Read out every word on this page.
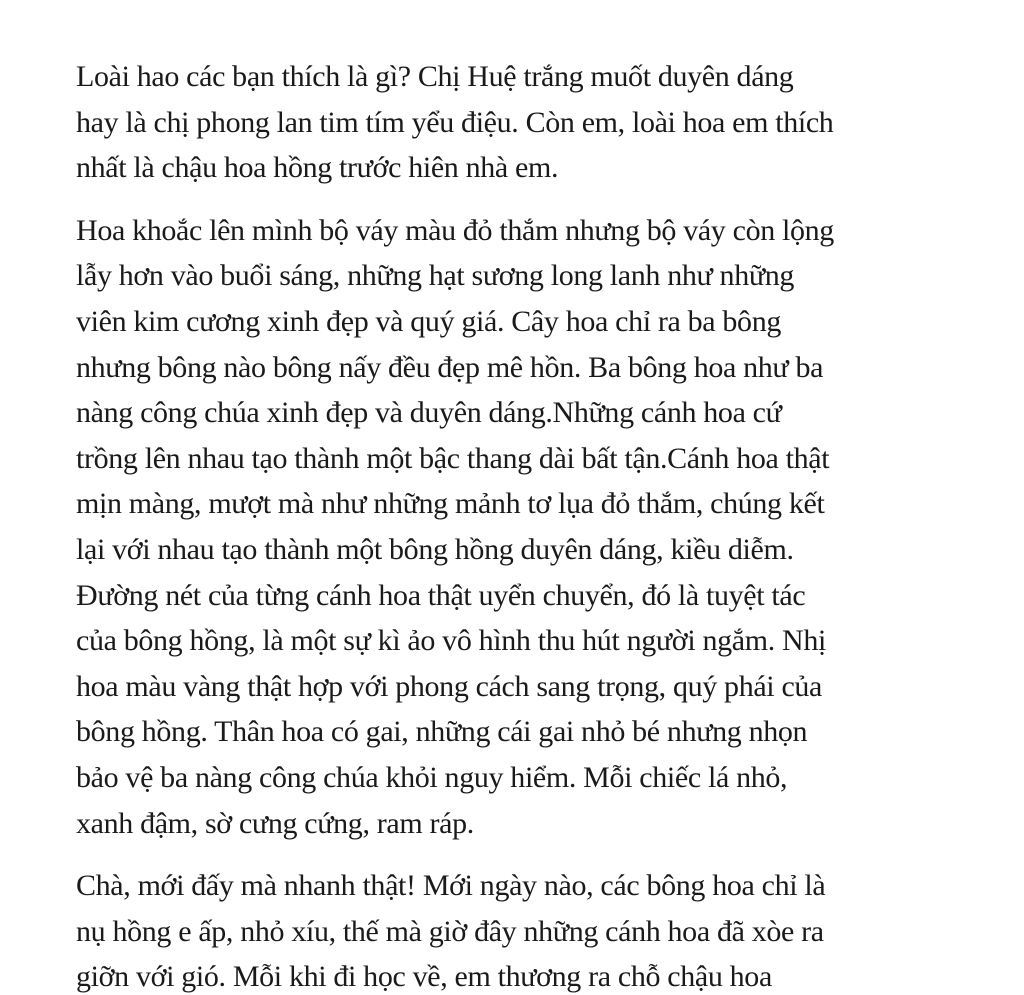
Loài hao các bạn thích là gì? Chị Huệ trắng muốt duyên dáng
hay là chị phong lan tim tím yểu điệu. Còn em, loài hoa em thích
nhất là chậu hoa hồng trước hiên nhà em.

Hoa khoắc lên mình bộ váy màu đỏ thắm nhưng bộ váy còn lộng
lẫy hơn vào buổi sáng, những hạt sương long lanh như những
viên kim cương xinh đẹp và quý giá. Cây hoa chỉ ra ba bông
nhưng bông nào bông nấy đều đẹp mê hồn. Ba bông hoa như ba
nàng công chúa xinh đẹp và duyên dáng.Những cánh hoa cứ
trồng lên nhau tạo thành một bậc thang dài bất tận.Cánh hoa thật
mịn màng, mượt mà như những mảnh tơ lụa đỏ thắm, chúng kết
lại với nhau tạo thành một bông hồng duyên dáng, kiều diễm.
Đường nét của từng cánh hoa thật uyển chuyển, đó là tuyệt tác
của bông hồng, là một sự kì ảo vô hình thu hút người ngắm. Nhị
hoa màu vàng thật hợp với phong cách sang trọng, quý phái của
bông hồng. Thân hoa có gai, những cái gai nhỏ bé nhưng nhọn
bảo vệ ba nàng công chúa khỏi nguy hiểm. Mỗi chiếc lá nhỏ,
xanh đậm, sờ cưng cứng, ram ráp.

Chà, mới đấy mà nhanh thật! Mới ngày nào, các bông hoa chỉ là
nụ hồng e ấp, nhỏ xíu, thế mà giờ đây những cánh hoa đã xòe ra
giỡn với gió. Mỗi khi đi học về, em thương ra chỗ chậu hoa
